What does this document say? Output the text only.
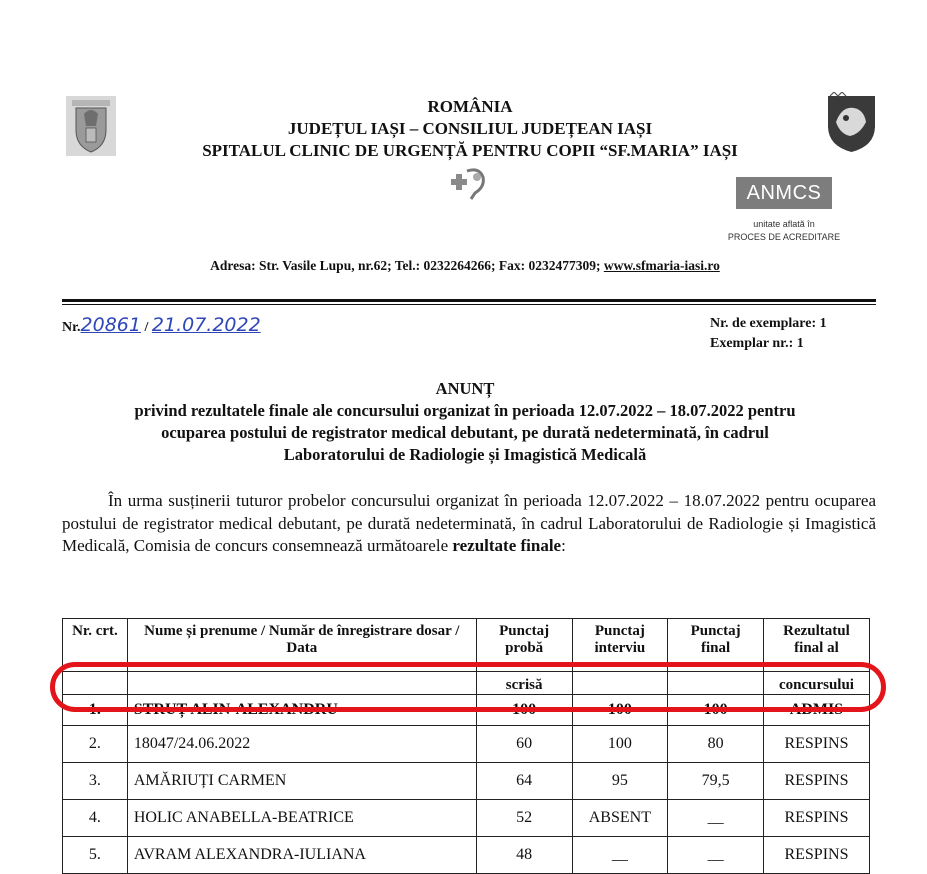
ROMÂNIA
JUDEȚUL IAȘI – CONSILIUL JUDEȚEAN IAȘI
SPITALUL CLINIC DE URGENȚĂ PENTRU COPII “SF.MARIA” IAȘI
ANMCS
unitate aflată în
PROCES DE ACREDITARE
Adresa: Str. Vasile Lupu, nr.62; Tel.: 0232264266; Fax: 0232477309; www.sfmaria-iasi.ro
Nr.20861 / 21.07.2022	Nr. de exemplare: 1
Exemplar nr.: 1
ANUNȚ
privind rezultatele finale ale concursului organizat în perioada 12.07.2022 – 18.07.2022 pentru
ocuparea postului de registrator medical debutant, pe durată nedeterminată, în cadrul
Laboratorului de Radiologie și Imagistică Medicală
În urma susținerii tuturor probelor concursului organizat în perioada 12.07.2022 – 18.07.2022 pentru ocuparea postului de registrator medical debutant, pe durată nedeterminată, în cadrul Laboratorului de Radiologie și Imagistică Medicală, Comisia de concurs consemnează următoarele rezultate finale:
Nr. crt.	Nume și prenume / Număr de înregistrare dosar / Data	Punctaj probă	Punctaj interviu	Punctaj final	Rezultatul final al

		scrisă			concursului
1.	STRUȚ ALIN-ALEXANDRU	100	100	100	ADMIS
2.	18047/24.06.2022	60	100	80	RESPINS
3.	AMĂRIUȚI CARMEN	64	95	79,5	RESPINS
4.	HOLIC ANABELLA-BEATRICE	52	ABSENT	__	RESPINS
5.	AVRAM ALEXANDRA-IULIANA	48	__	__	RESPINS
